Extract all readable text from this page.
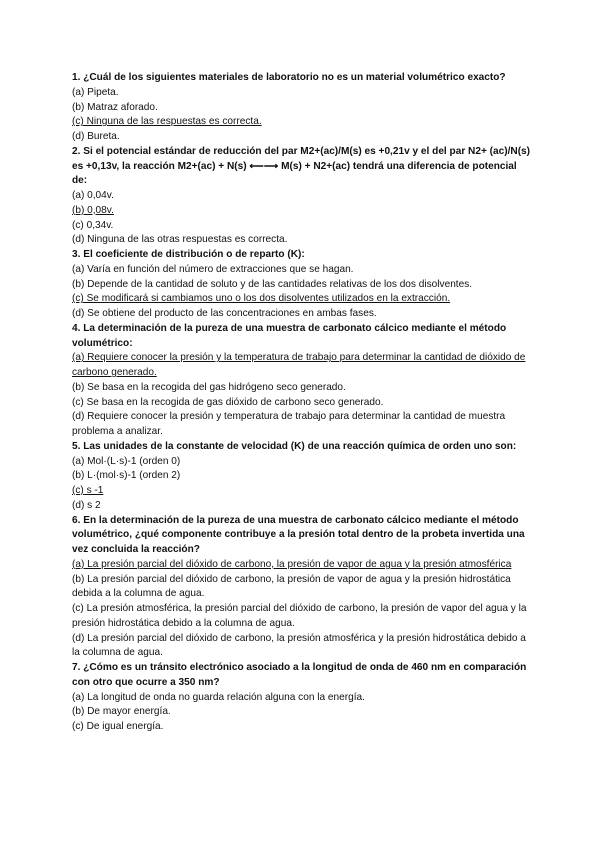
1. ¿Cuál de los siguientes materiales de laboratorio no es un material volumétrico exacto?

(a) Pipeta.

(b) Matraz aforado.

(c) Ninguna de las respuestas es correcta.

(d) Bureta.

2. Si el potencial estándar de reducción del par M2+(ac)/M(s) es +0,21v y el del par N2+ (ac)/N(s) es +0,13v, la reacción M2+(ac) + N(s) ⟵⟶ M(s) + N2+(ac) tendrá una diferencia de potencial de:

(a) 0,04v.

(b) 0,08v.

(c) 0,34v.

(d) Ninguna de las otras respuestas es correcta.

3. El coeficiente de distribución o de reparto (K):

(a) Varía en función del número de extracciones que se hagan.

(b) Depende de la cantidad de soluto y de las cantidades relativas de los dos disolventes.

(c) Se modificará si cambiamos uno o los dos disolventes utilizados en la extracción.

(d) Se obtiene del producto de las concentraciones en ambas fases.

4. La determinación de la pureza de una muestra de carbonato cálcico mediante el método volumétrico:

(a) Requiere conocer la presión y la temperatura de trabajo para determinar la cantidad de dióxido de carbono generado.

(b) Se basa en la recogida del gas hidrógeno seco generado.

(c) Se basa en la recogida de gas dióxido de carbono seco generado.

(d) Requiere conocer la presión y temperatura de trabajo para determinar la cantidad de muestra problema a analizar.

5. Las unidades de la constante de velocidad (K) de una reacción química de orden uno son:

(a) Mol·(L·s)-1 (orden 0)

(b) L·(mol·s)-1 (orden 2)

(c) s -1

(d) s 2

6. En la determinación de la pureza de una muestra de carbonato cálcico mediante el método volumétrico, ¿qué componente contribuye a la presión total dentro de la probeta invertida una vez concluida la reacción?

(a) La presión parcial del dióxido de carbono, la presión de vapor de agua y la presión atmosférica

(b) La presión parcial del dióxido de carbono, la presión de vapor de agua y la presión hidrostática debida a la columna de agua.

(c) La presión atmosférica, la presión parcial del dióxido de carbono, la presión de vapor del agua y la presión hidrostática debido a la columna de agua.

(d) La presión parcial del dióxido de carbono, la presión atmosférica y la presión hidrostática debido a la columna de agua.

7. ¿Cómo es un tránsito electrónico asociado a la longitud de onda de 460 nm en comparación con otro que ocurre a 350 nm?

(a) La longitud de onda no guarda relación alguna con la energía.

(b) De mayor energía.

(c) De igual energía.
